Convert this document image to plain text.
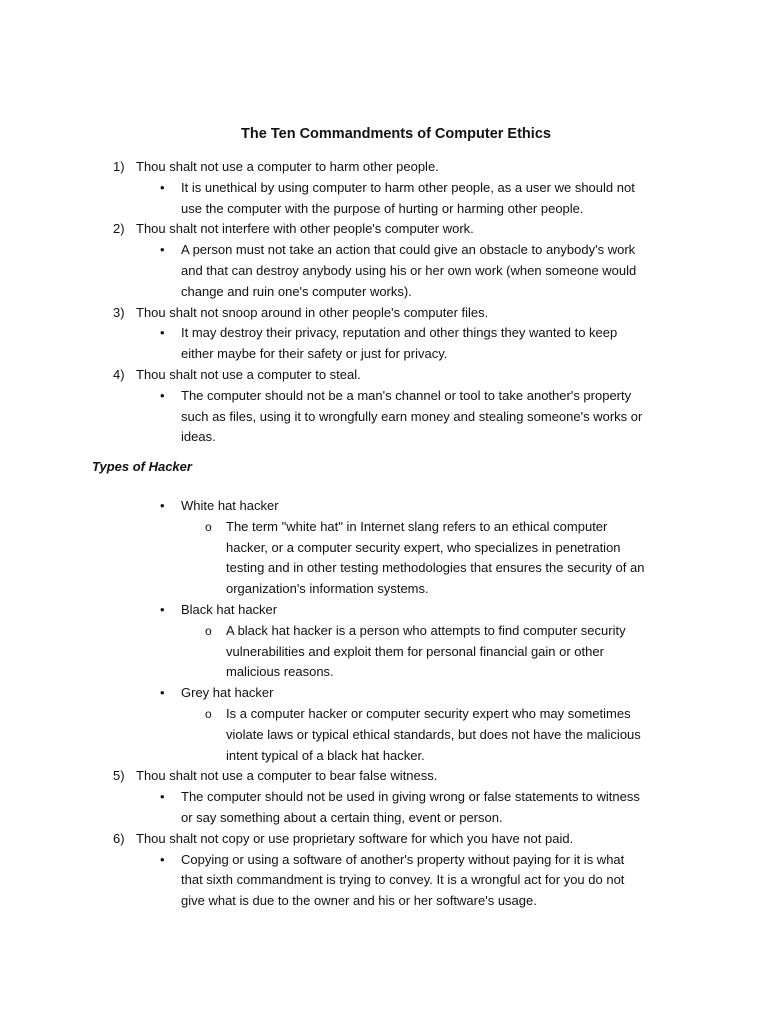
The Ten Commandments of Computer Ethics
1) Thou shalt not use a computer to harm other people.
•	It is unethical by using computer to harm other people, as a user we should not
use the computer with the purpose of hurting or harming other people.
2) Thou shalt not interfere with other people's computer work.
•	A person must not take an action that could give an obstacle to anybody's work
and that can destroy anybody using his or her own work (when someone would
change and ruin one's computer works).
3) Thou shalt not snoop around in other people's computer files.
•	It may destroy their privacy, reputation and other things they wanted to keep
either maybe for their safety or just for privacy.
4) Thou shalt not use a computer to steal.
•	The computer should not be a man's channel or tool to take another's property
such as files, using it to wrongfully earn money and stealing someone's works or
ideas.
Types of Hacker
•	White hat hacker
o	The term "white hat" in Internet slang refers to an ethical computer
hacker, or a computer security expert, who specializes in penetration
testing and in other testing methodologies that ensures the security of an
organization's information systems.
•	Black hat hacker
o	A black hat hacker is a person who attempts to find computer security
vulnerabilities and exploit them for personal financial gain or other
malicious reasons.
•	Grey hat hacker
o	Is a computer hacker or computer security expert who may sometimes
violate laws or typical ethical standards, but does not have the malicious
intent typical of a black hat hacker.
5) Thou shalt not use a computer to bear false witness.
•	The computer should not be used in giving wrong or false statements to witness
or say something about a certain thing, event or person.
6) Thou shalt not copy or use proprietary software for which you have not paid.
•	Copying or using a software of another's property without paying for it is what
that sixth commandment is trying to convey. It is a wrongful act for you do not
give what is due to the owner and his or her software's usage.
